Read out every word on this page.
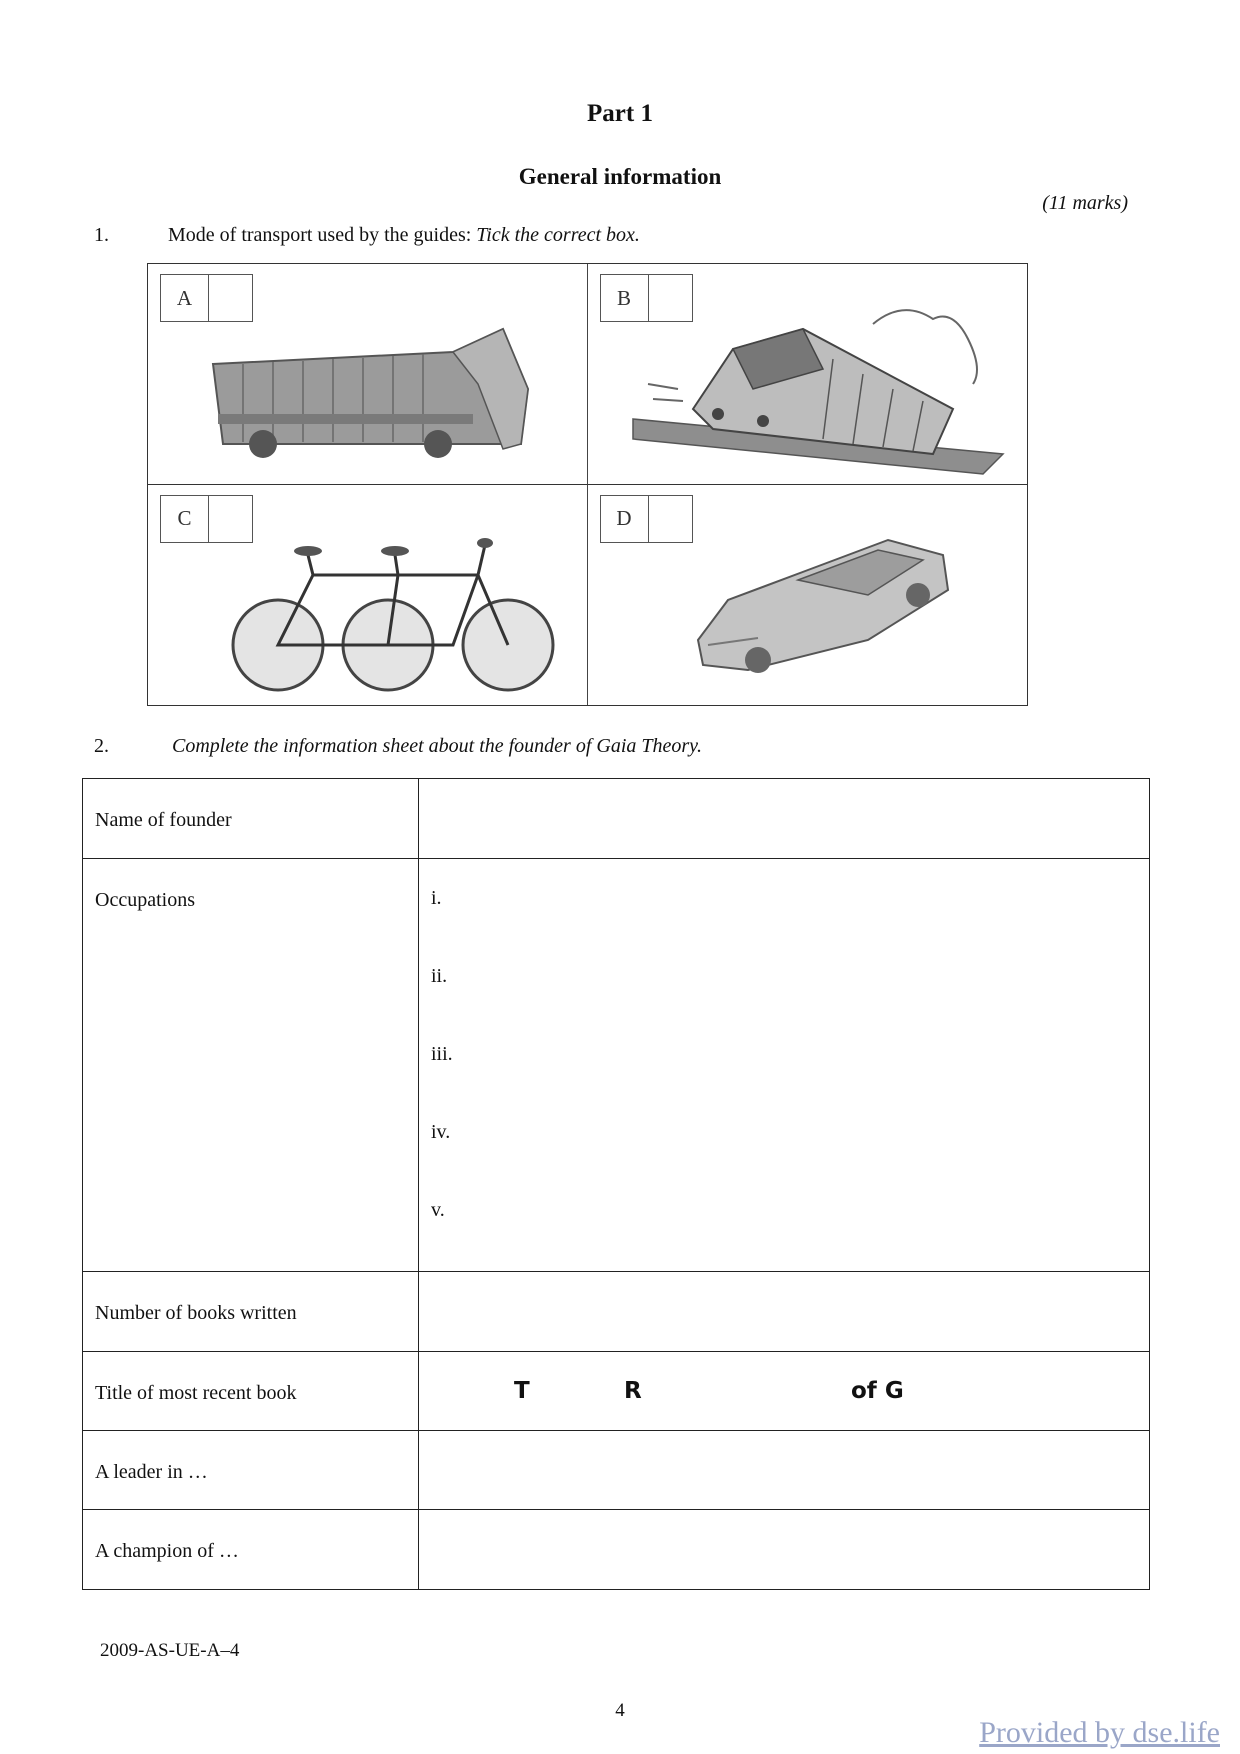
Part 1
General information
(11 marks)
1.	Mode of transport used by the guides: Tick the correct box.
A	B
C	D
2.	Complete the information sheet about the founder of Gaia Theory.
Name of founder	
Occupations	i.
ii.
iii.
iv.
v.

Number of books written	
Title of most recent book	T R of G

A leader in …	
A champion of …	
2009-AS-UE-A–4
4
Provided by dse.life
